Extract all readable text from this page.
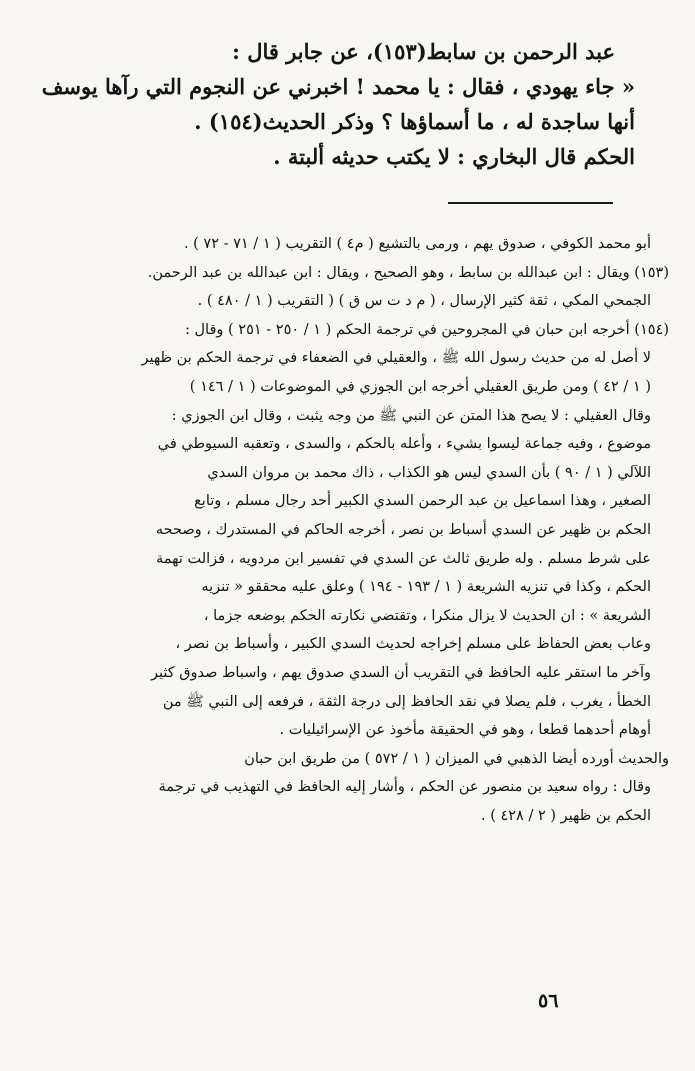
عبد الرحمن بن سابط(١٥٣)، عن جابر قال :
« جاء يهودي ، فقال : يا محمد ! اخبرني عن النجوم التي رآها يوسف
أنها ساجدة له ، ما أسماؤها ؟ وذكر الحديث(١٥٤) .
الحكم قال البخاري : لا يكتب حديثه ألبتة .
أبو محمد الكوفي ، صدوق يهم ، ورمى بالتشيع ( م٤ ) التقريب ( ١ / ٧١ - ٧٢ ) .
(١٥٣) ويقال : ابن عبدالله بن سابط ، وهو الصحيح ، ويقال : ابن عبدالله بن عبد الرحمن.
الجمحي المكي ، ثقة كثير الإرسال ، ( م د ت س ق ) ( التقريب ( ١ / ٤٨٠ ) .
(١٥٤) أخرجه ابن حبان في المجروحين في ترجمة الحكم ( ١ / ٢٥٠ - ٢٥١ ) وقال :
لا أصل له من حديث رسول الله ﷺ ، والعقيلي في الضعفاء في ترجمة الحكم بن ظهير
( ١ / ٤٢ ) ومن طريق العقيلي أخرجه ابن الجوزي في الموضوعات ( ١ / ١٤٦ )
وقال العقيلي : لا يصح هذا المتن عن النبي ﷺ من وجه يثبت ، وقال ابن الجوزي :
موضوع ، وفيه جماعة ليسوا بشيء ، وأعله بالحكم ، والسدى ، وتعقبه السيوطي في
اللآلي ( ١ / ٩٠ ) بأن السدي ليس هو الكذاب ، ذاك محمد بن مروان السدي
الصغير ، وهذا اسماعيل بن عبد الرحمن السدي الكبير أحد رجال مسلم ، وتابع
الحكم بن ظهير عن السدي أسباط بن نصر ، أخرجه الحاكم في المستدرك ، وصححه
على شرط مسلم . وله طريق ثالث عن السدي في تفسير ابن مردويه ، فزالت تهمة
الحكم ، وكذا في تنزيه الشريعة ( ١ / ١٩٣ - ١٩٤ ) وعلق عليه محققو « تنزيه
الشريعة » : ان الحديث لا يزال منكرا ، وتقتضي نكارته الحكم بوضعه جزما ،
وعاب بعض الحفاظ على مسلم إخراجه لحديث السدي الكبير ، وأسباط بن نصر ،
وآخر ما استقر عليه الحافظ في التقريب أن السدي صدوق يهم ، واسباط صدوق كثير
الخطأ ، يغرب ، فلم يصلا في نقد الحافظ إلى درجة الثقة ، فرفعه إلى النبي ﷺ من
أوهام أحدهما قطعا ، وهو في الحقيقة مأخوذ عن الإسرائيليات .
والحديث أورده أيضا الذهبي في الميزان ( ١ / ٥٧٢ ) من طريق ابن حبان
وقال : رواه سعيد بن منصور عن الحكم ، وأشار إليه الحافظ في التهذيب في ترجمة
الحكم بن ظهير ( ٢ / ٤٢٨ ) .
٥٦
